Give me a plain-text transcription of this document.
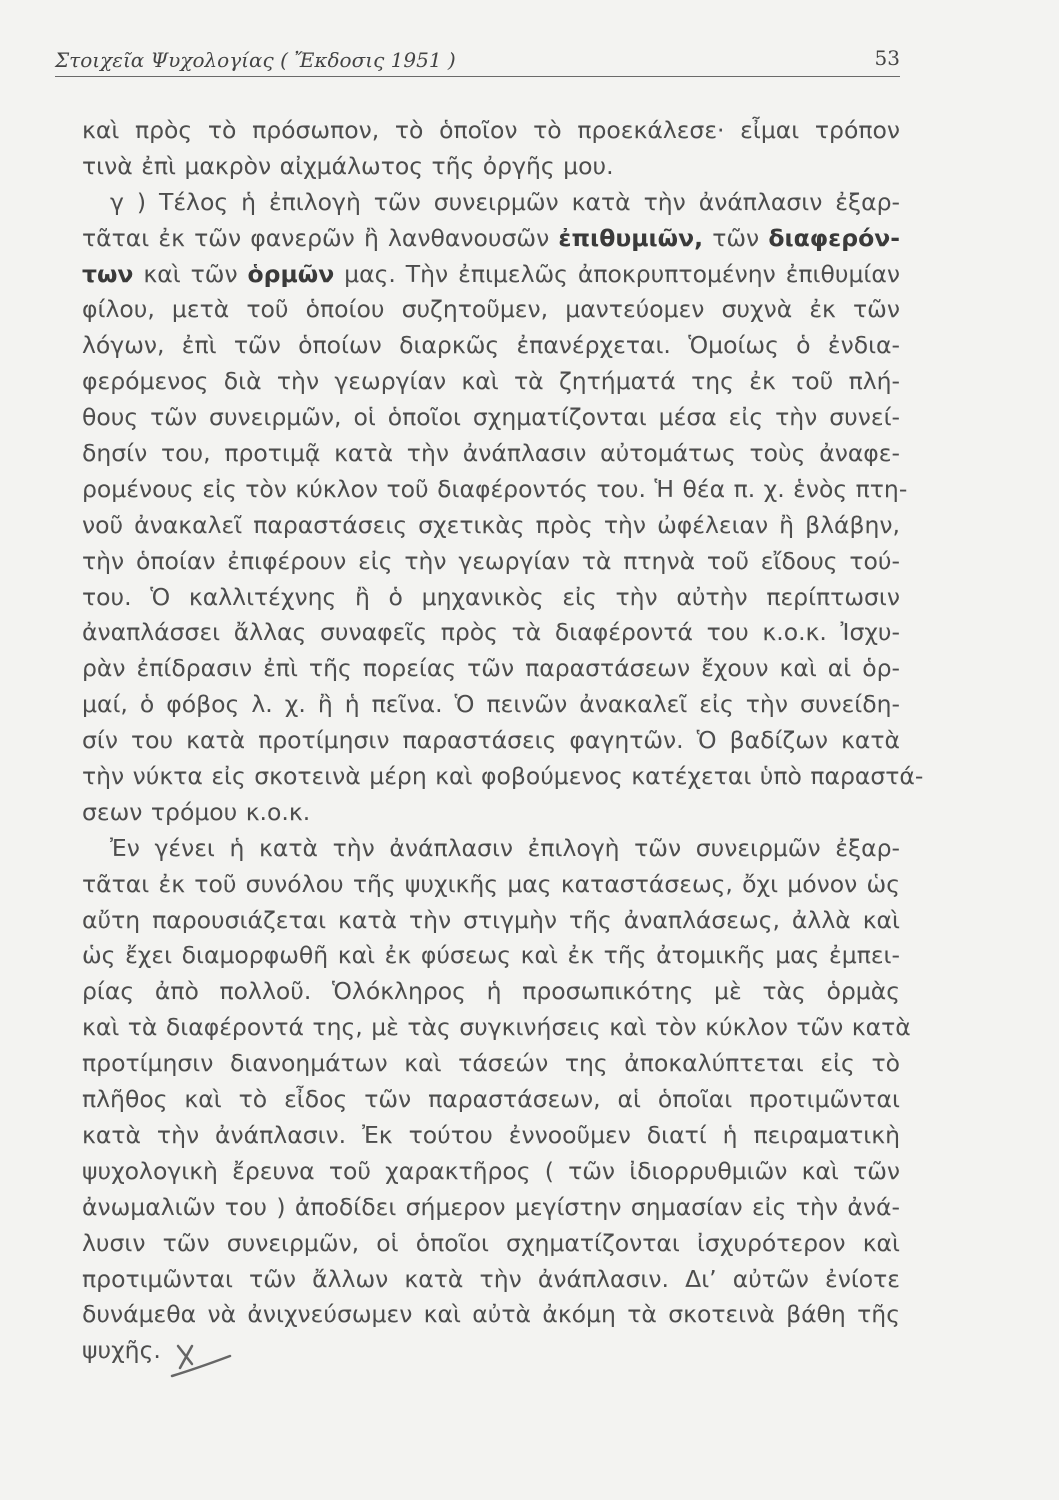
Στοιχεῖα Ψυχολογίας ( Ἔκδοσις 1951 )	53
καὶ πρὸς τὸ πρόσωπον, τὸ ὁποῖον τὸ προεκάλεσε· εἶμαι τρόπον
τινὰ ἐπὶ μακρὸν αἰχμάλωτος τῆς ὀργῆς μου.
γ ) Τέλος ἡ ἐπιλογὴ τῶν συνειρμῶν κατὰ τὴν ἀνάπλασιν ἐξαρ-
τᾶται ἐκ τῶν φανερῶν ἢ λανθανουσῶν ἐπιθυμιῶν, τῶν διαφερόν-
των καὶ τῶν ὁρμῶν μας. Τὴν ἐπιμελῶς ἀποκρυπτομένην ἐπιθυμίαν
φίλου, μετὰ τοῦ ὁποίου συζητοῦμεν, μαντεύομεν συχνὰ ἐκ τῶν
λόγων, ἐπὶ τῶν ὁποίων διαρκῶς ἐπανέρχεται. Ὁμοίως ὁ ἐνδια-
φερόμενος διὰ τὴν γεωργίαν καὶ τὰ ζητήματά της ἐκ τοῦ πλή-
θους τῶν συνειρμῶν, οἱ ὁποῖοι σχηματίζονται μέσα εἰς τὴν συνεί-
δησίν του, προτιμᾷ κατὰ τὴν ἀνάπλασιν αὐτομάτως τοὺς ἀναφε-
ρομένους εἰς τὸν κύκλον τοῦ διαφέροντός του. Ἡ θέα π. χ. ἑνὸς πτη-
νοῦ ἀνακαλεῖ παραστάσεις σχετικὰς πρὸς τὴν ὠφέλειαν ἢ βλάβην,
τὴν ὁποίαν ἐπιφέρουν εἰς τὴν γεωργίαν τὰ πτηνὰ τοῦ εἴδους τού-
του. Ὁ καλλιτέχνης ἢ ὁ μηχανικὸς εἰς τὴν αὐτὴν περίπτωσιν
ἀναπλάσσει ἄλλας συναφεῖς πρὸς τὰ διαφέροντά του κ.ο.κ. Ἰσχυ-
ρὰν ἐπίδρασιν ἐπὶ τῆς πορείας τῶν παραστάσεων ἔχουν καὶ αἱ ὁρ-
μαί, ὁ φόβος λ. χ. ἢ ἡ πεῖνα. Ὁ πεινῶν ἀνακαλεῖ εἰς τὴν συνείδη-
σίν του κατὰ προτίμησιν παραστάσεις φαγητῶν. Ὁ βαδίζων κατὰ
τὴν νύκτα εἰς σκοτεινὰ μέρη καὶ φοβούμενος κατέχεται ὑπὸ παραστά-
σεων τρόμου κ.ο.κ.
Ἐν γένει ἡ κατὰ τὴν ἀνάπλασιν ἐπιλογὴ τῶν συνειρμῶν ἐξαρ-
τᾶται ἐκ τοῦ συνόλου τῆς ψυχικῆς μας καταστάσεως, ὄχι μόνον ὡς
αὔτη παρουσιάζεται κατὰ τὴν στιγμὴν τῆς ἀναπλάσεως, ἀλλὰ καὶ
ὡς ἔχει διαμορφωθῆ καὶ ἐκ φύσεως καὶ ἐκ τῆς ἀτομικῆς μας ἐμπει-
ρίας ἀπὸ πολλοῦ. Ὁλόκληρος ἡ προσωπικότης μὲ τὰς ὁρμὰς
καὶ τὰ διαφέροντά της, μὲ τὰς συγκινήσεις καὶ τὸν κύκλον τῶν κατὰ
προτίμησιν διανοημάτων καὶ τάσεών της ἀποκαλύπτεται εἰς τὸ
πλῆθος καὶ τὸ εἶδος τῶν παραστάσεων, αἱ ὁποῖαι προτιμῶνται
κατὰ τὴν ἀνάπλασιν. Ἐκ τούτου ἐννοοῦμεν διατί ἡ πειραματικὴ
ψυχολογικὴ ἔρευνα τοῦ χαρακτῆρος ( τῶν ἰδιορρυθμιῶν καὶ τῶν
ἀνωμαλιῶν του ) ἀποδίδει σήμερον μεγίστην σημασίαν εἰς τὴν ἀνά-
λυσιν τῶν συνειρμῶν, οἱ ὁποῖοι σχηματίζονται ἰσχυρότερον καὶ
προτιμῶνται τῶν ἄλλων κατὰ τὴν ἀνάπλασιν. Δι’ αὐτῶν ἐνίοτε
δυνάμεθα νὰ ἀνιχνεύσωμεν καὶ αὐτὰ ἀκόμη τὰ σκοτεινὰ βάθη τῆς
ψυχῆς.
